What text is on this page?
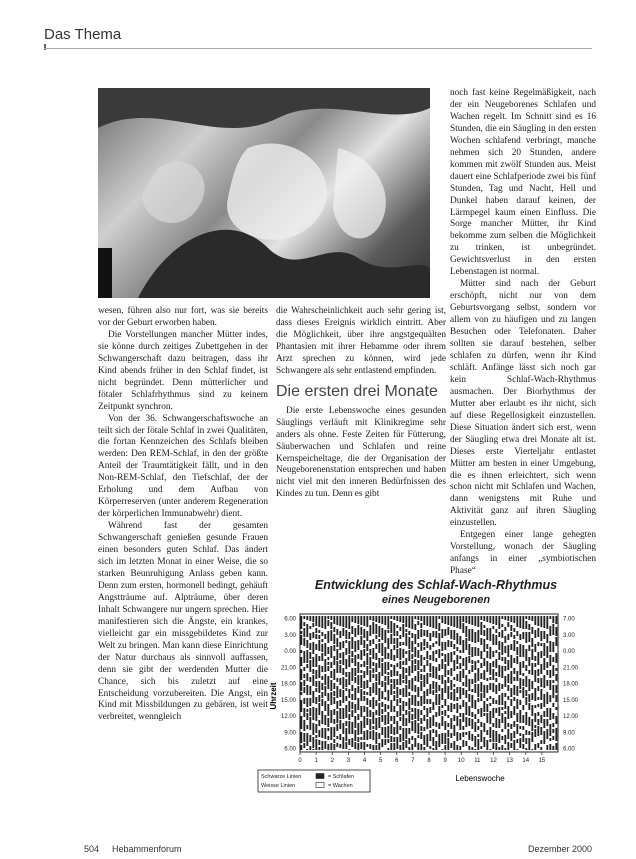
Das Thema

wesen, führen also nur fort, was sie bereits vor der Geburt erworben haben.

Die Vorstellungen mancher Mütter indes, sie könne durch zeitiges Zubettgehen in der Schwangerschaft dazu beitragen, dass ihr Kind abends früher in den Schlaf findet, ist nicht begründet. Denn mütterlicher und fötaler Schlafrhythmus sind zu keinem Zeitpunkt synchron.

Von der 36. Schwangerschaftswoche an teilt sich der fötale Schlaf in zwei Qualitäten, die fortan Kennzeichen des Schlafs bleiben werden: Den REM-Schlaf, in den der größte Anteil der Traumtätigkeit fällt, und in den Non-REM-Schlaf, den Tiefschlaf, der der Erholung und dem Aufbau von Körperreserven (unter anderem Regeneration der körperlichen Immunabwehr) dient.

Während fast der gesamten Schwangerschaft genießen gesunde Frauen einen besonders guten Schlaf. Das ändert sich im letzten Monat in einer Weise, die so starken Beunruhigung Anlass geben kann. Denn zum ersten, hormonell bedingt, gehäuft Angstträume auf. Alpträume, über deren Inhalt Schwangere nur ungern sprechen. Hier manifestieren sich die Ängste, ein krankes, vielleicht gar ein missgebildetes Kind zur Welt zu bringen. Man kann diese Einrichtung der Natur durchaus als sinnvoll auffassen, denn sie gibt der werdenden Mutter die Chance, sich bis zuletzt auf eine Entscheidung vorzubereiten. Die Angst, ein Kind mit Missbildungen zu gebären, ist weit verbreitet, wenngleich

die Wahrscheinlichkeit auch sehr gering ist, dass dieses Ereignis wirklich eintritt. Aber die Möglichkeit, über ihre angstgequälten Phantasien mit ihrer Hebamme oder ihrem Arzt sprechen zu können, wird jede Schwangere als sehr entlastend empfinden.

Die ersten drei Monate

Die erste Lebenswoche eines gesunden Säuglings verläuft mit Klinikregime sehr anders als ohne. Feste Zeiten für Fütterung, Säuberwachen und Schlafen und reine Kernspeicheltage, die der Organisation der Neugeborenenstation entsprechen und haben nicht viel mit den inneren Bedürfnissen des Kindes zu tun. Denn es gibt

noch fast keine Regelmäßigkeit, nach der ein Neugeborenes Schlafen und Wachen regelt. Im Schnitt sind es 16 Stunden, die ein Säugling in den ersten Wochen schlafend verbringt, manche nehmen sich 20 Stunden, andere kommen mit zwölf Stunden aus. Meist dauert eine Schlafperiode zwei bis fünf Stunden, Tag und Nacht, Hell und Dunkel haben darauf keinen, der Lärmpegel kaum einen Einfluss. Die Sorge mancher Mütter, ihr Kind bekomme zum selben die Möglichkeit zu trinken, ist unbegründet. Gewichtsverlust in den ersten Lebenstagen ist normal.

Mütter sind nach der Geburt erschöpft, nicht nur von dem Geburtsvorgang selbst, sondern vor allem von zu häufigen und zu langen Besuchen oder Telefonaten. Daher sollten sie darauf bestehen, selber schlafen zu dürfen, wenn ihr Kind schläft. Anfänge lässt sich noch gar kein Schlaf-Wach-Rhythmus ausmachen. Der Biorhythmus der Mutter aber erlaubt es ihr nicht, sich auf diese Regellosigkeit einzustellen. Diese Situation ändert sich erst, wenn der Säugling etwa drei Monate alt ist. Dieses erste Vierteljahr entlastet Mütter am besten in einer Umgebung, die es ihnen erleichtert, sich wenn schon nicht mit Schlafen und Wachen, dann wenigstens mit Ruhe und Aktivität ganz auf ihren Säugling einzustellen.

Entgegen einer lange gehegten Vorstellung, wonach der Säugling anfangs in einer „symbiotischen Phase“

Entwicklung des Schlaf-Wach-Rhythmus
eines Neugeborenen
6.00
3.00
0.00
21.00
18.00
15.00
12.00
9.00
6.00
7.00
3.00
0.00
21.00
18.00
15.00
12.00
9.00
6.00
0 1 2 3 4 5 6 7 8 9 10 11 12 13 14 15
Uhrzeit
Lebenswoche
Schwarze Linien	= Schlafen
Weisse Linien	= Wachen
504 Hebammenforum	Dezember 2000
